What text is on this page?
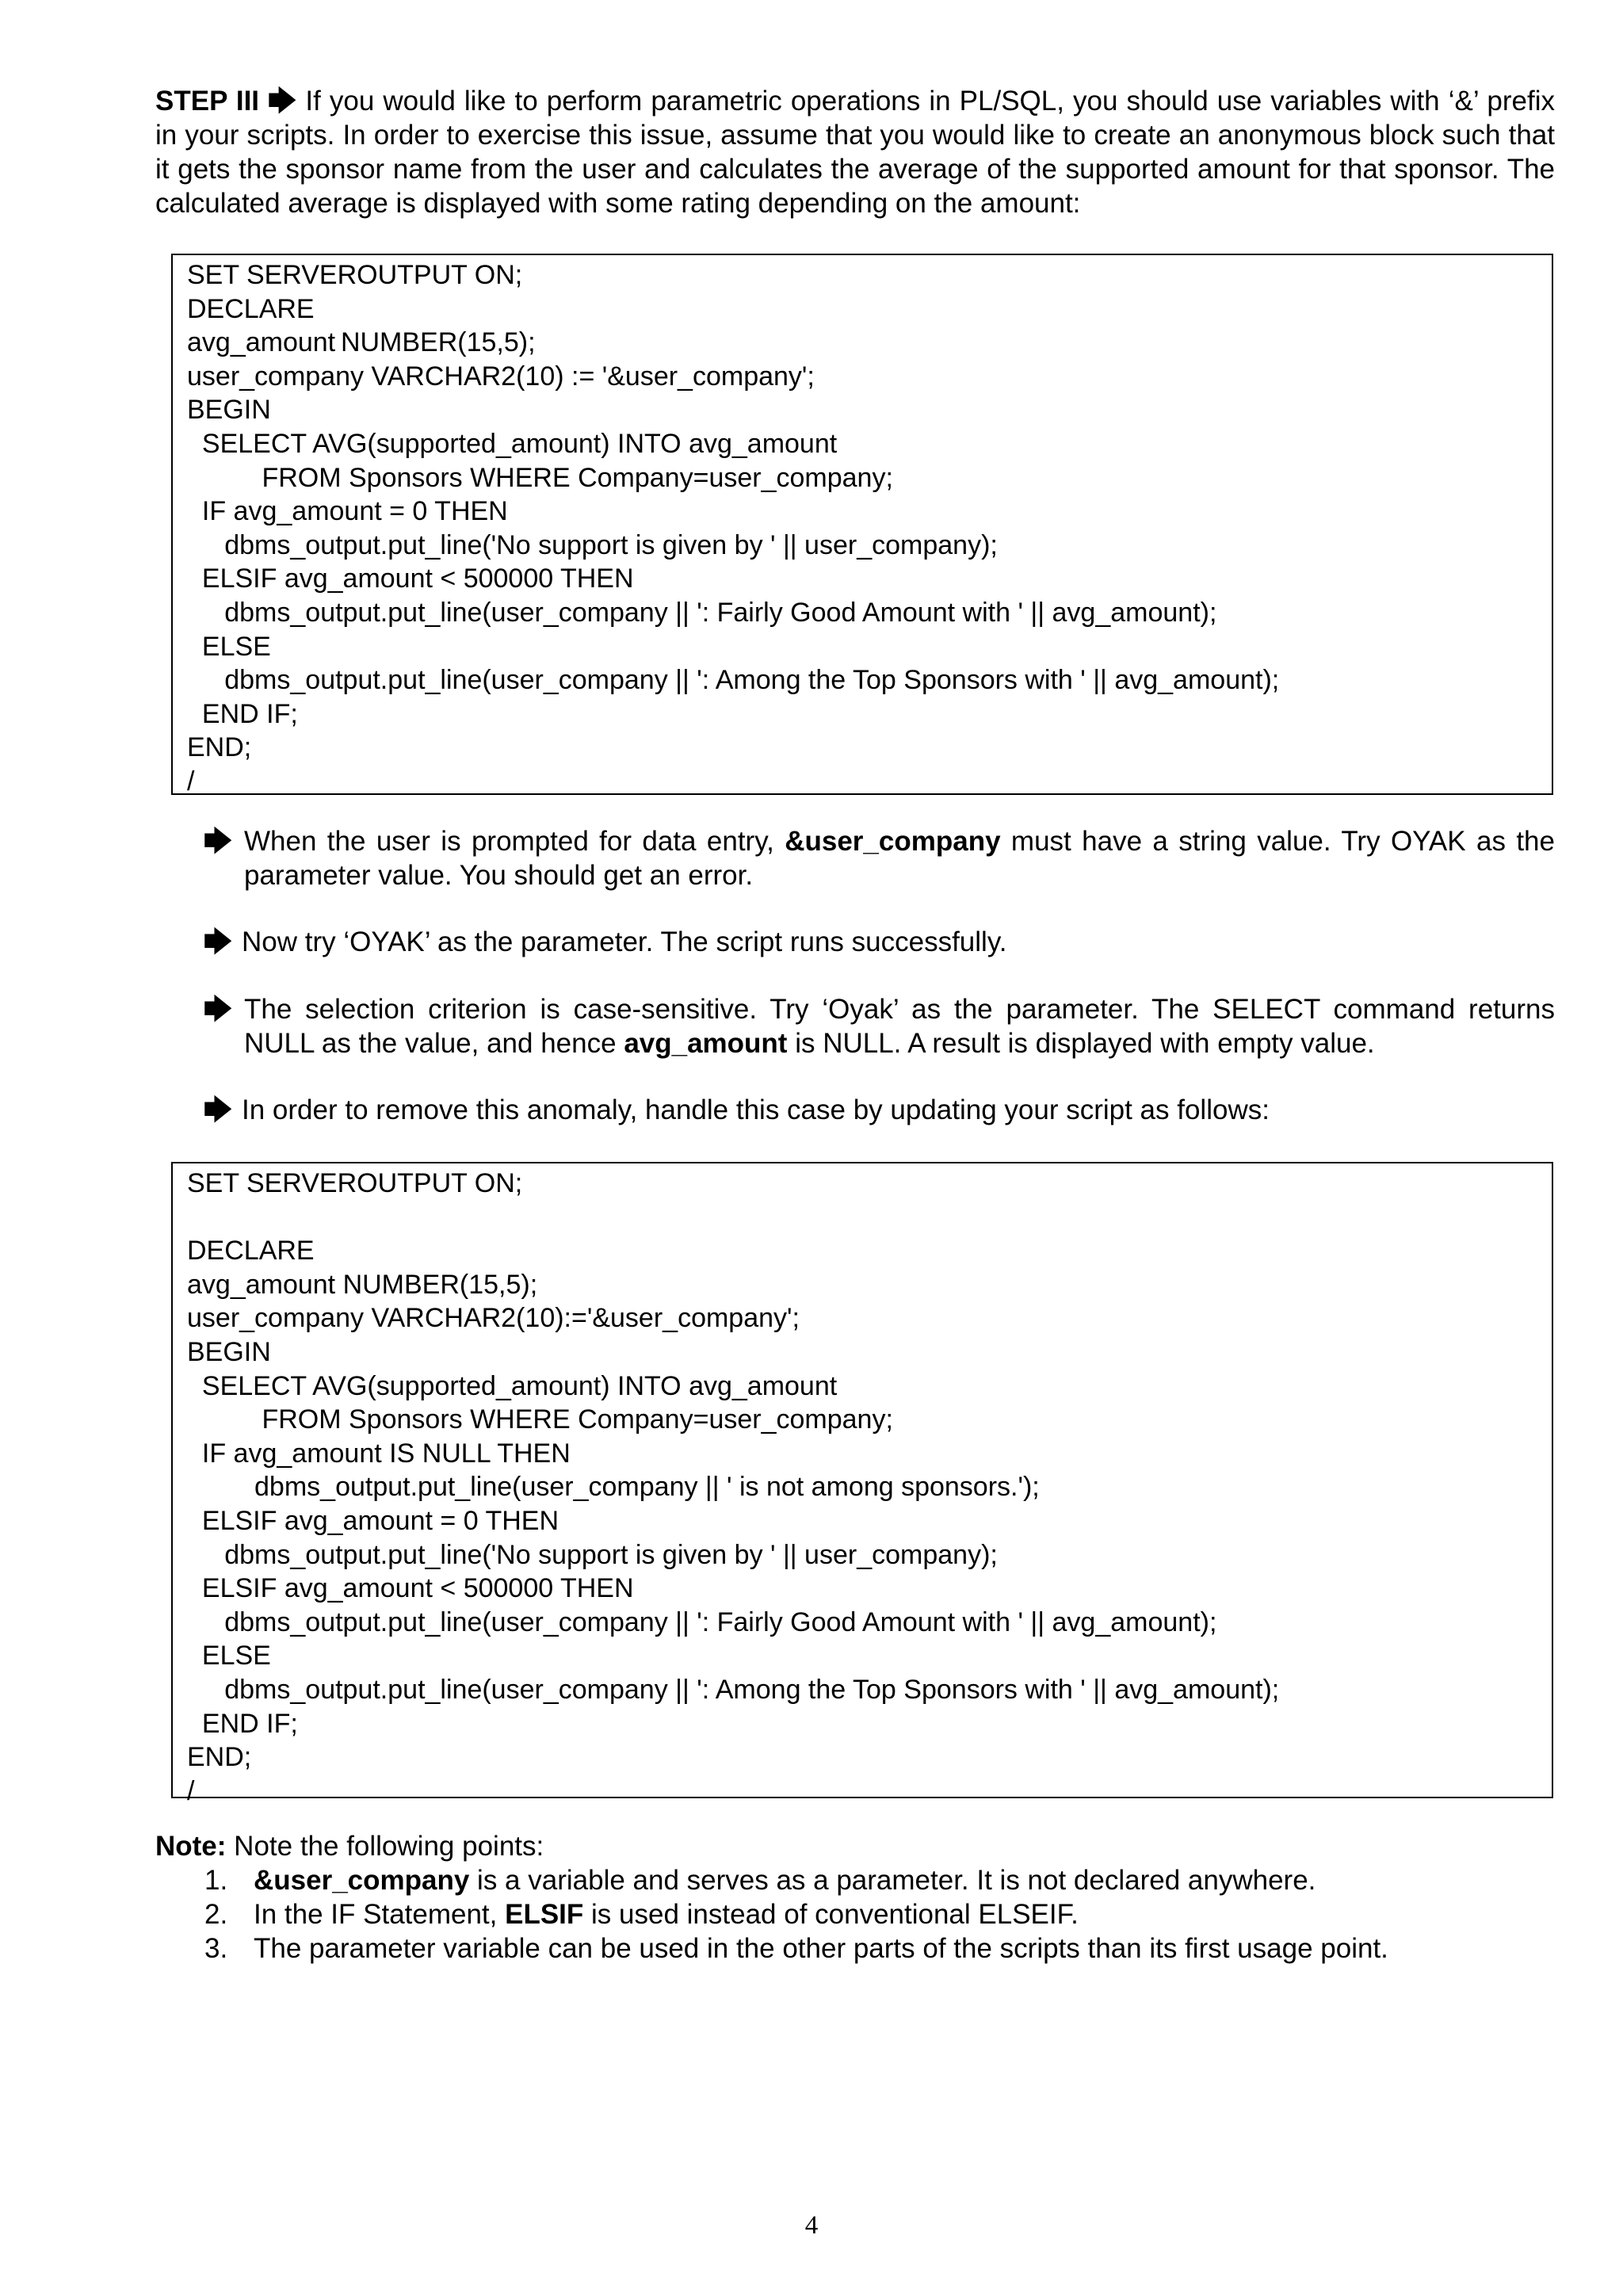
STEP III 🡆 If you would like to perform parametric operations in PL/SQL, you should use variables with ‘&’ prefix in your scripts. In order to exercise this issue, assume that you would like to create an anonymous block such that it gets the sponsor name from the user and calculates the average of the supported amount for that sponsor. The calculated average is displayed with some rating depending on the amount:

SET SERVEROUTPUT ON;

DECLARE

avg_amount NUMBER(15,5);

user_company VARCHAR2(10) := '&user_company';

BEGIN

SELECT AVG(supported_amount) INTO avg_amount

FROM Sponsors WHERE Company=user_company;

IF avg_amount = 0 THEN

dbms_output.put_line('No support is given by ' || user_company);

ELSIF avg_amount < 500000 THEN

dbms_output.put_line(user_company || ': Fairly Good Amount with ' || avg_amount);

ELSE

dbms_output.put_line(user_company || ': Among the Top Sponsors with ' || avg_amount);

END IF;

END;

/

🡆 When the user is prompted for data entry, &user_company must have a string value. Try OYAK as the parameter value. You should get an error.

🡆 Now try ‘OYAK’ as the parameter. The script runs successfully.

🡆 The selection criterion is case-sensitive. Try ‘Oyak’ as the parameter. The SELECT command returns NULL as the value, and hence avg_amount is NULL. A result is displayed with empty value.

🡆 In order to remove this anomaly, handle this case by updating your script as follows:

SET SERVEROUTPUT ON;

DECLARE

avg_amount NUMBER(15,5);

user_company VARCHAR2(10):='&user_company';

BEGIN

SELECT AVG(supported_amount) INTO avg_amount

FROM Sponsors WHERE Company=user_company;

IF avg_amount IS NULL THEN

dbms_output.put_line(user_company || ' is not among sponsors.');

ELSIF avg_amount = 0 THEN

dbms_output.put_line('No support is given by ' || user_company);

ELSIF avg_amount < 500000 THEN

dbms_output.put_line(user_company || ': Fairly Good Amount with ' || avg_amount);

ELSE

dbms_output.put_line(user_company || ': Among the Top Sponsors with ' || avg_amount);

END IF;

END;

/

Note: Note the following points:

1. &user_company is a variable and serves as a parameter. It is not declared anywhere.

2. In the IF Statement, ELSIF is used instead of conventional ELSEIF.

3. The parameter variable can be used in the other parts of the scripts than its first usage point.

4
